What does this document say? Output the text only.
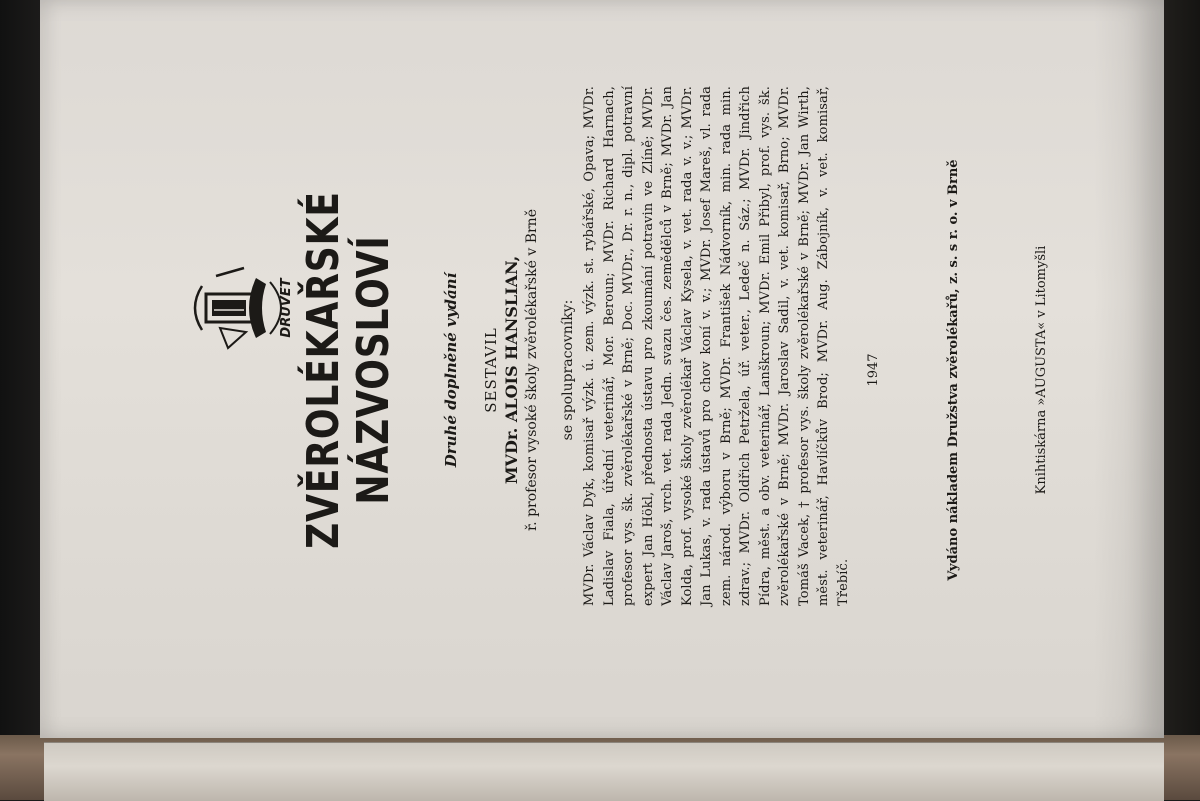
DRUVET ZVĚROLÉKAŘSKÉ NÁZVOSLOVÍ	Druhé doplněné vydání SESTAVIL MVDr. ALOIS HANSLIAN, ř. profesor vysoké školy zvěrolékařské v Brně se spolupracovníky: MVDr. Václav Dyk, komisař výzk. ú. zem. výzk. st. rybářské, Opava; MVDr. Ladislav Fiala, úřední veterinář, Mor. Beroun; MVDr. Richard Harnach, profesor vys. šk. zvěrolékařské v Brně; Doc. MVDr., Dr. r. n., dipl. potravní expert Jan Hökl, přednosta ústavu pro zkoumání potravin ve Zlíně; MVDr. Václav Jaroš, vrch. vet. rada Jedn. svazu čes. zemědělců v Brně; MVDr. Jan Kolda, prof. vysoké školy zvěrolékař Václav Kysela, v. vet. rada v. v.; MVDr. Jan Lukas, v. rada ústavů pro chov koní v. v.; MVDr. Josef Mareš, vl. rada zem. národ. výboru v Brně; MVDr. František Nádvorník, min. rada min. zdrav.; MVDr. Oldřich Petržela, úř. veter., Ledeč n. Sáz.; MVDr. Jindřich Pídra, měst. a obv. veterinář, Lanškroun; MVDr. Emil Přibyl, prof. vys. šk. zvěrolékařské v Brně; MVDr. Jaroslav Sadil, v. vet. komisař, Brno; MVDr. Tomáš Vacek, † profesor vys. školy zvěrolékařské v Brně; MVDr. Jan Wirth, měst. veterinář, Havlíčkův Brod; MVDr. Aug. Zábojník, v. vet. komisař, Třebíč.
1947	Vydáno nákladem Družstva zvěrolékařů, z. s. s r. o. v Brně	Knihtiskárna »AUGUSTA« v Litomyšli
